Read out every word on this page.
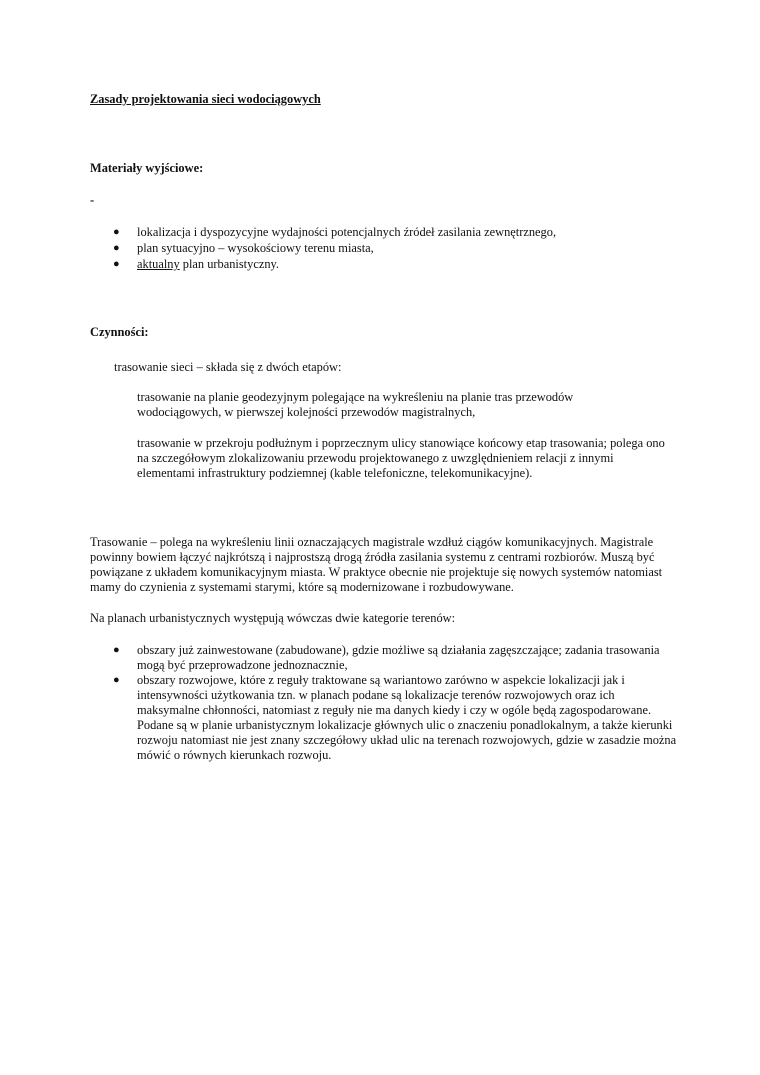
Zasady projektowania sieci wodociągowych
Materiały wyjściowe:
-
● lokalizacja i dyspozycyjne wydajności potencjalnych źródeł zasilania zewnętrznego,
● plan sytuacyjno – wysokościowy terenu miasta,
● aktualny plan urbanistyczny.
Czynności:
trasowanie sieci – składa się z dwóch etapów:

trasowanie na planie geodezyjnym polegające na wykreśleniu na planie tras przewodów wodociągowych, w pierwszej kolejności przewodów magistralnych,

trasowanie w przekroju podłużnym i poprzecznym ulicy stanowiące końcowy etap trasowania; polega ono na szczegółowym zlokalizowaniu przewodu projektowanego z uwzględnieniem relacji z innymi elementami infrastruktury podziemnej (kable telefoniczne, telekomunikacyjne).

Trasowanie – polega na wykreśleniu linii oznaczających magistrale wzdłuż ciągów komunikacyjnych. Magistrale powinny bowiem łączyć najkrótszą i najprostszą drogą źródła zasilania systemu z centrami rozbiorów. Muszą być powiązane z układem komunikacyjnym miasta. W praktyce obecnie nie projektuje się nowych systemów natomiast mamy do czynienia z systemami starymi, które są modernizowane i rozbudowywane.

Na planach urbanistycznych występują wówczas dwie kategorie terenów:

● obszary już zainwestowane (zabudowane), gdzie możliwe są działania zagęszczające; zadania trasowania mogą być przeprowadzone jednoznacznie,
● obszary rozwojowe, które z reguły traktowane są wariantowo zarówno w aspekcie lokalizacji jak i intensywności użytkowania tzn. w planach podane są lokalizacje terenów rozwojowych oraz ich maksymalne chłonności, natomiast z reguły nie ma danych kiedy i czy w ogóle będą zagospodarowane. Podane są w planie urbanistycznym lokalizacje głównych ulic o znaczeniu ponadlokalnym, a także kierunki rozwoju natomiast nie jest znany szczegółowy układ ulic na terenach rozwojowych, gdzie w zasadzie można mówić o równych kierunkach rozwoju.
